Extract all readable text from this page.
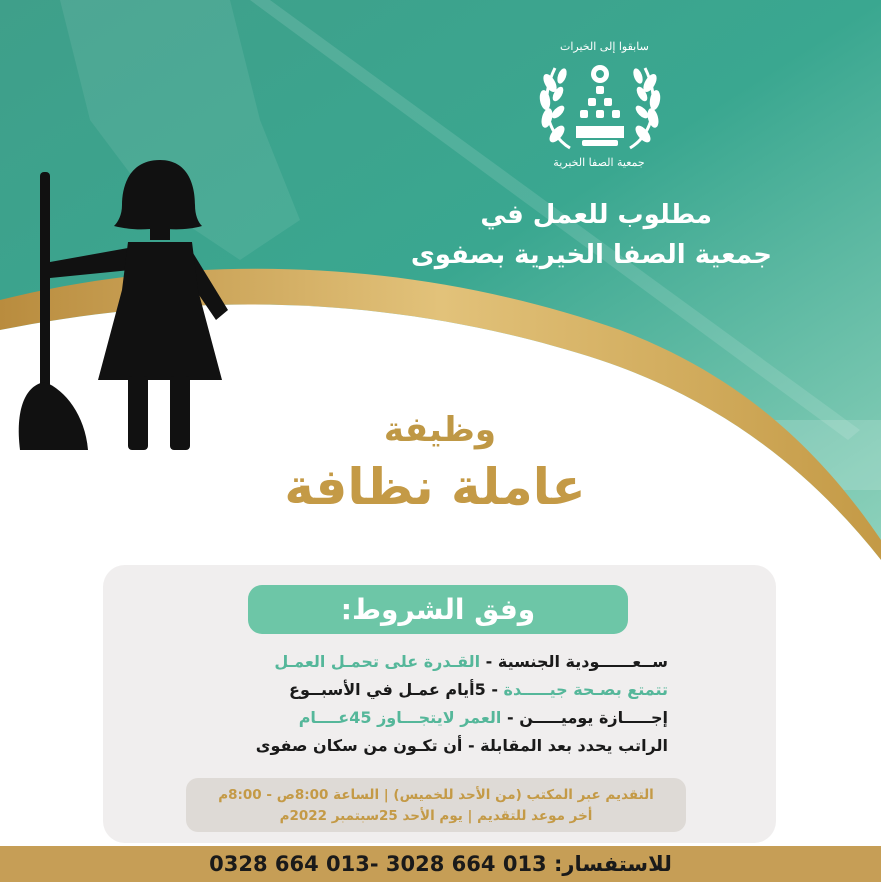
سابقوا إلى الخيرات
جمعية الصفا الخيرية
مطلوب للعمل في
جمعية الصفا الخيرية بصفوى
وظيفة
عاملة نظافة
وفق الشروط:
ســعــــــودية الجنسية - القـدرة على تحمـل العمـل
تتمتع بصـحة جيـــــدة - 5أيام عمـل في الأسبــوع
إجـــــازة يوميـــــن - العمر لايتجـــاوز 45عــــام
الراتب يحدد بعد المقابلة - أن تكـون من سكان صفوى
التقديم عبر المكتب (من الأحد للخميس) | الساعة 8:00ص - 8:00م
أخر موعد للتقديم | يوم الأحد 25سبتمبر 2022م
للاستفسار: 013 664 3028 -013 664 0328
